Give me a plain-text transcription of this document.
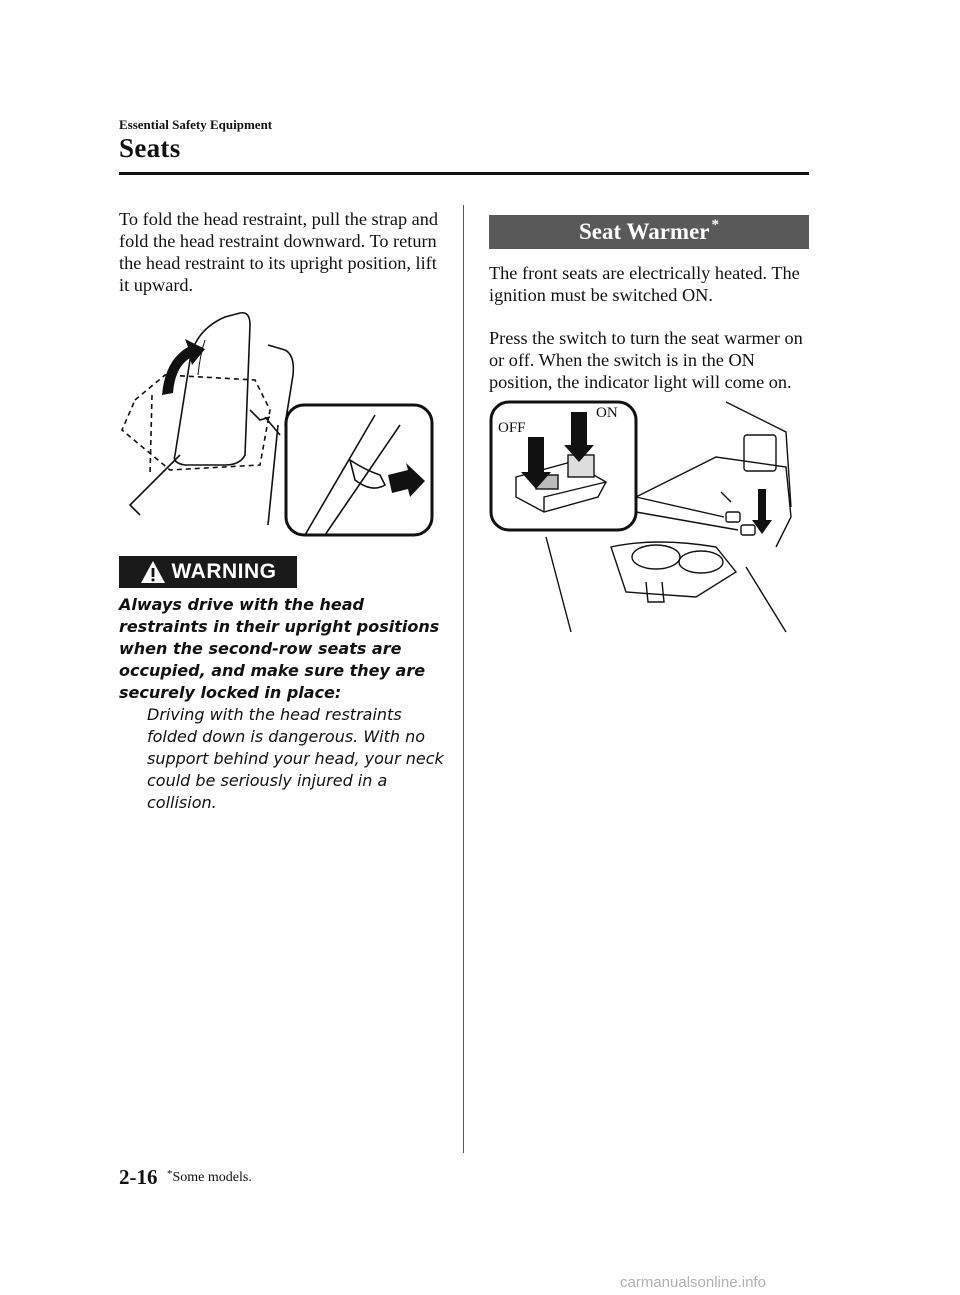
Essential Safety Equipment
Seats

To fold the head restraint, pull the strap and fold the head restraint downward. To return the head restraint to its upright position, lift it upward.

WARNING

Always drive with the head restraints in their upright positions when the second-row seats are occupied, and make sure they are securely locked in place:

Driving with the head restraints folded down is dangerous. With no support behind your head, your neck could be seriously injured in a collision.

Seat Warmer *

The front seats are electrically heated. The ignition must be switched ON.

Press the switch to turn the seat warmer on or off. When the switch is in the ON position, the indicator light will come on.

OFF
ON
2-16 *Some models.
carmanualsonline.info
